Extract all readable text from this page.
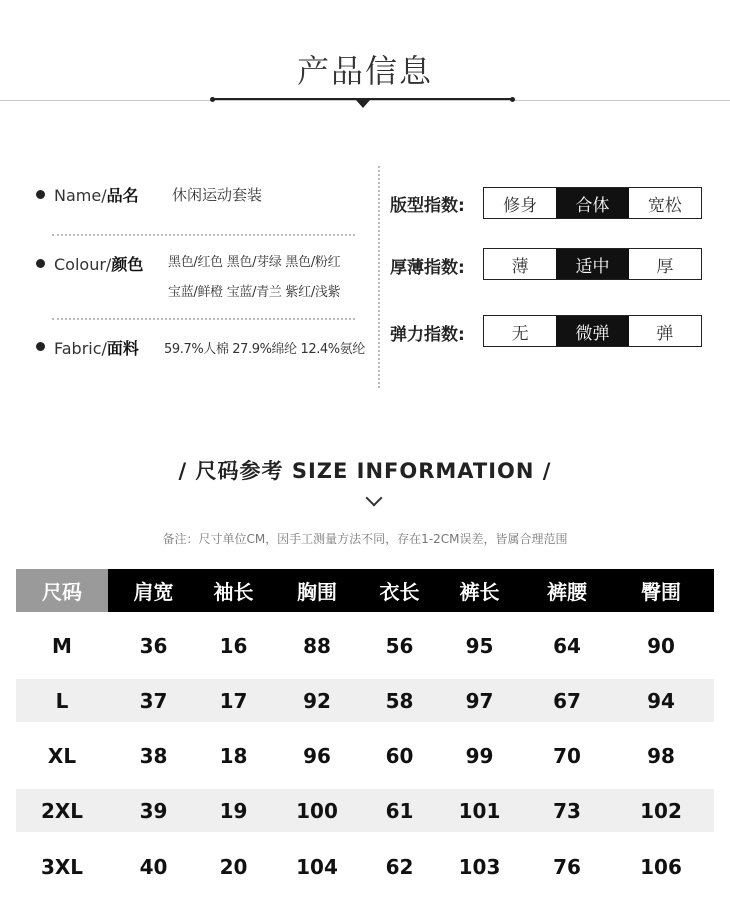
产品信息
Name/品名 休闲运动套装
Colour/颜色 黑色/红色 黑色/芽绿 黑色/粉红
宝蓝/鲜橙 宝蓝/青兰 紫红/浅紫
Fabric/面料 59.7%人棉 27.9%绵纶 12.4%氨纶
版型指数:	修身	合体	宽松
厚薄指数:	薄	适中	厚
弹力指数:	无	微弹	弹
/ 尺码参考 SIZE INFORMATION /
备注：尺寸单位CM，因手工测量方法不同，存在1-2CM误差，皆属合理范围
尺码	肩宽	袖长	胸围	衣长	裤长	裤腰	臀围
M	36	16	88	56	95	64	90
L	37	17	92	58	97	67	94
XL	38	18	96	60	99	70	98
2XL	39	19	100	61	101	73	102
3XL	40	20	104	62	103	76	106
